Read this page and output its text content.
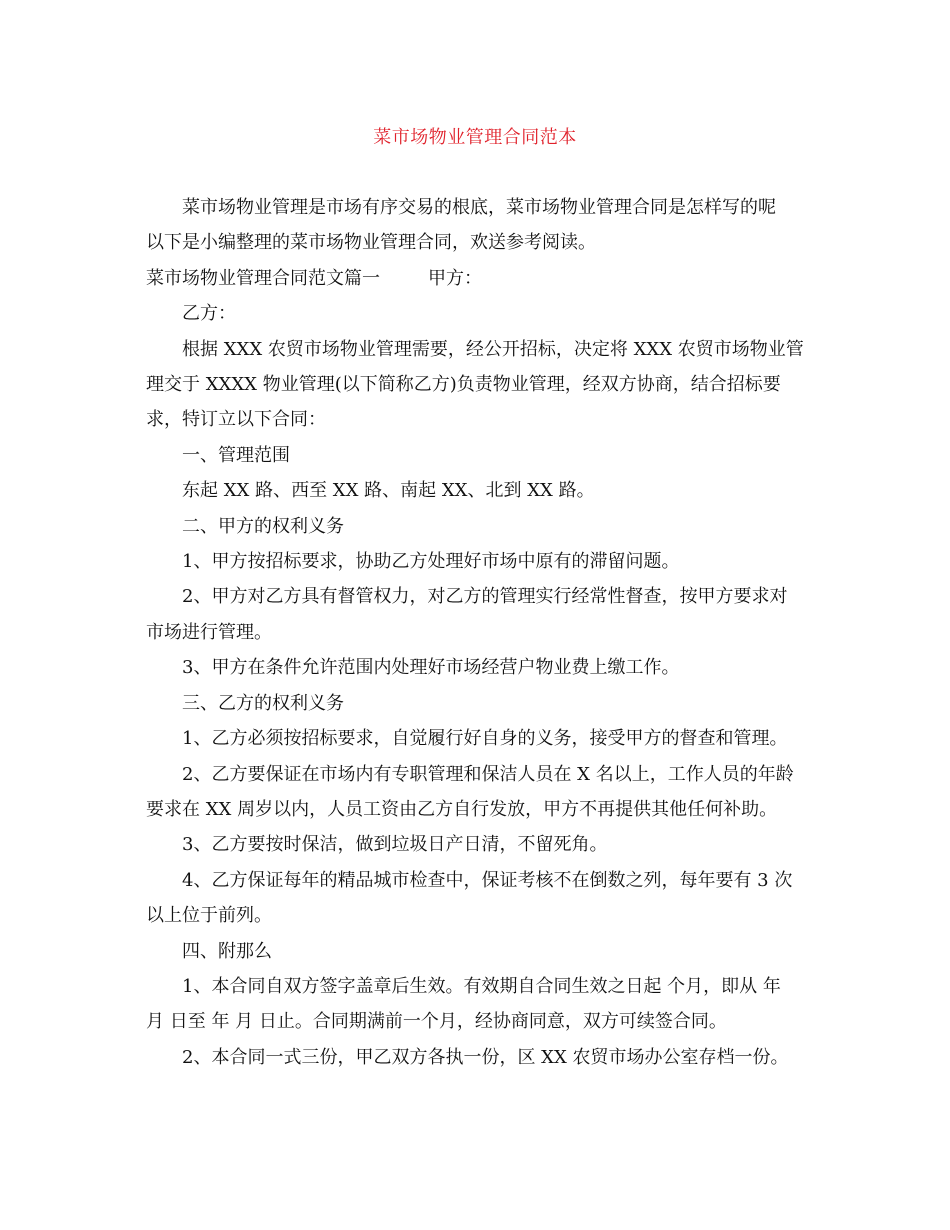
菜市场物业管理合同范本

菜市场物业管理是市场有序交易的根底，菜市场物业管理合同是怎样写的呢

以下是小编整理的菜市场物业管理合同，欢送参考阅读。

菜市场物业管理合同范文篇一	甲方：

乙方：

根据 XXX 农贸市场物业管理需要，经公开招标，决定将 XXX 农贸市场物业管

理交于 XXXX 物业管理(以下简称乙方)负责物业管理，经双方协商，结合招标要

求，特订立以下合同：

一、管理范围

东起 XX 路、西至 XX 路、南起 XX、北到 XX 路。

二、甲方的权利义务

1、甲方按招标要求，协助乙方处理好市场中原有的滞留问题。

2、甲方对乙方具有督管权力，对乙方的管理实行经常性督查，按甲方要求对

市场进行管理。

3、甲方在条件允许范围内处理好市场经营户物业费上缴工作。

三、乙方的权利义务

1、乙方必须按招标要求，自觉履行好自身的义务，接受甲方的督查和管理。

2、乙方要保证在市场内有专职管理和保洁人员在 X 名以上，工作人员的年龄

要求在 XX 周岁以内，人员工资由乙方自行发放，甲方不再提供其他任何补助。

3、乙方要按时保洁，做到垃圾日产日清，不留死角。

4、乙方保证每年的精品城市检查中，保证考核不在倒数之列，每年要有 3 次

以上位于前列。

四、附那么

1、本合同自双方签字盖章后生效。有效期自合同生效之日起 个月，即从 年

月 日至 年 月 日止。合同期满前一个月，经协商同意，双方可续签合同。

2、本合同一式三份，甲乙双方各执一份，区 XX 农贸市场办公室存档一份。
